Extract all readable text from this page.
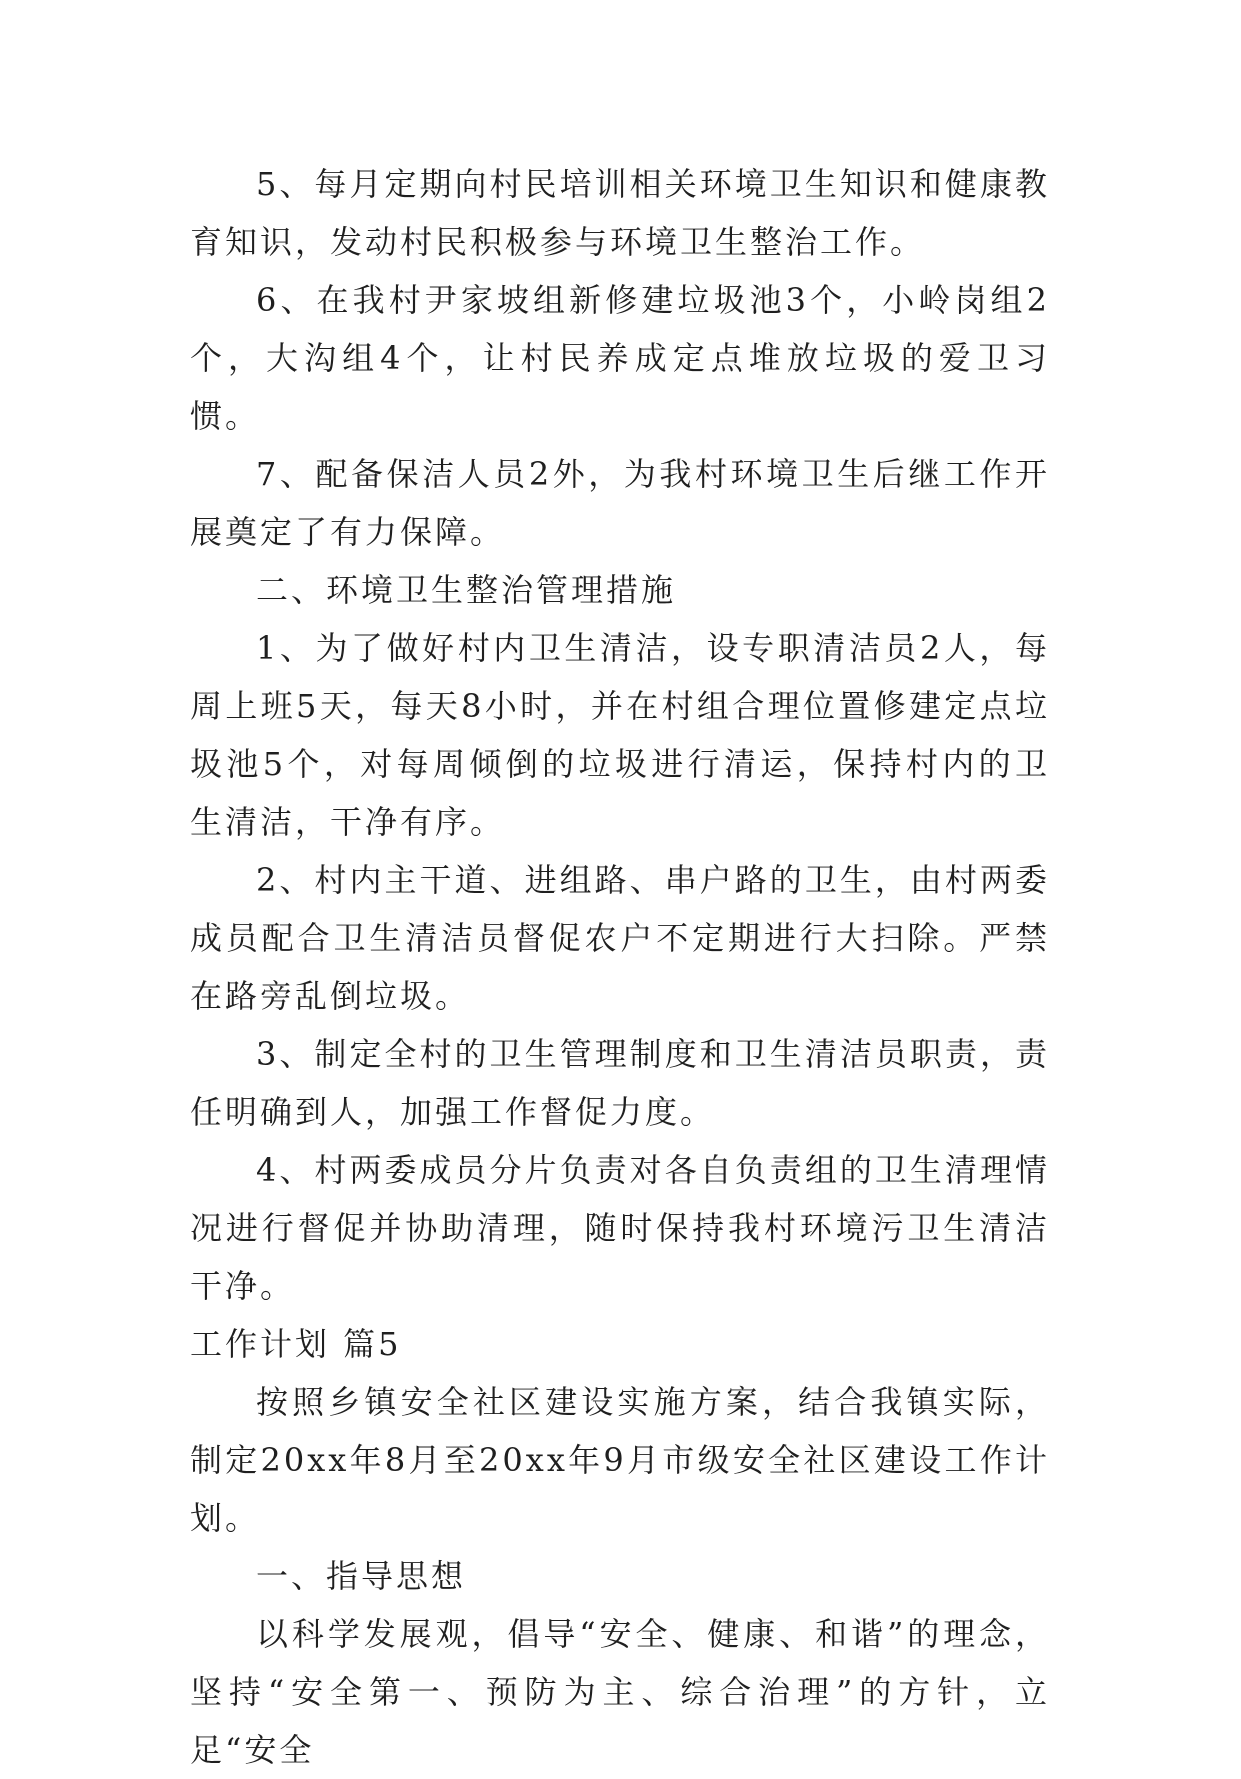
5、每月定期向村民培训相关环境卫生知识和健康教育知识，发动村民积极参与环境卫生整治工作。

6、在我村尹家坡组新修建垃圾池3个，小岭岗组2个，大沟组4个，让村民养成定点堆放垃圾的爱卫习惯。

7、配备保洁人员2外，为我村环境卫生后继工作开展奠定了有力保障。

二、环境卫生整治管理措施

1、为了做好村内卫生清洁，设专职清洁员2人，每周上班5天，每天8小时，并在村组合理位置修建定点垃圾池5个，对每周倾倒的垃圾进行清运，保持村内的卫生清洁，干净有序。

2、村内主干道、进组路、串户路的卫生，由村两委成员配合卫生清洁员督促农户不定期进行大扫除。严禁在路旁乱倒垃圾。

3、制定全村的卫生管理制度和卫生清洁员职责，责任明确到人，加强工作督促力度。

4、村两委成员分片负责对各自负责组的卫生清理情况进行督促并协助清理，随时保持我村环境污卫生清洁干净。

工作计划 篇5

按照乡镇安全社区建设实施方案，结合我镇实际，制定20xx年8月至20xx年9月市级安全社区建设工作计划。

一、指导思想

以科学发展观，倡导“安全、健康、和谐”的理念，坚持“安全第一、预防为主、综合治理”的方针，立足“安全
